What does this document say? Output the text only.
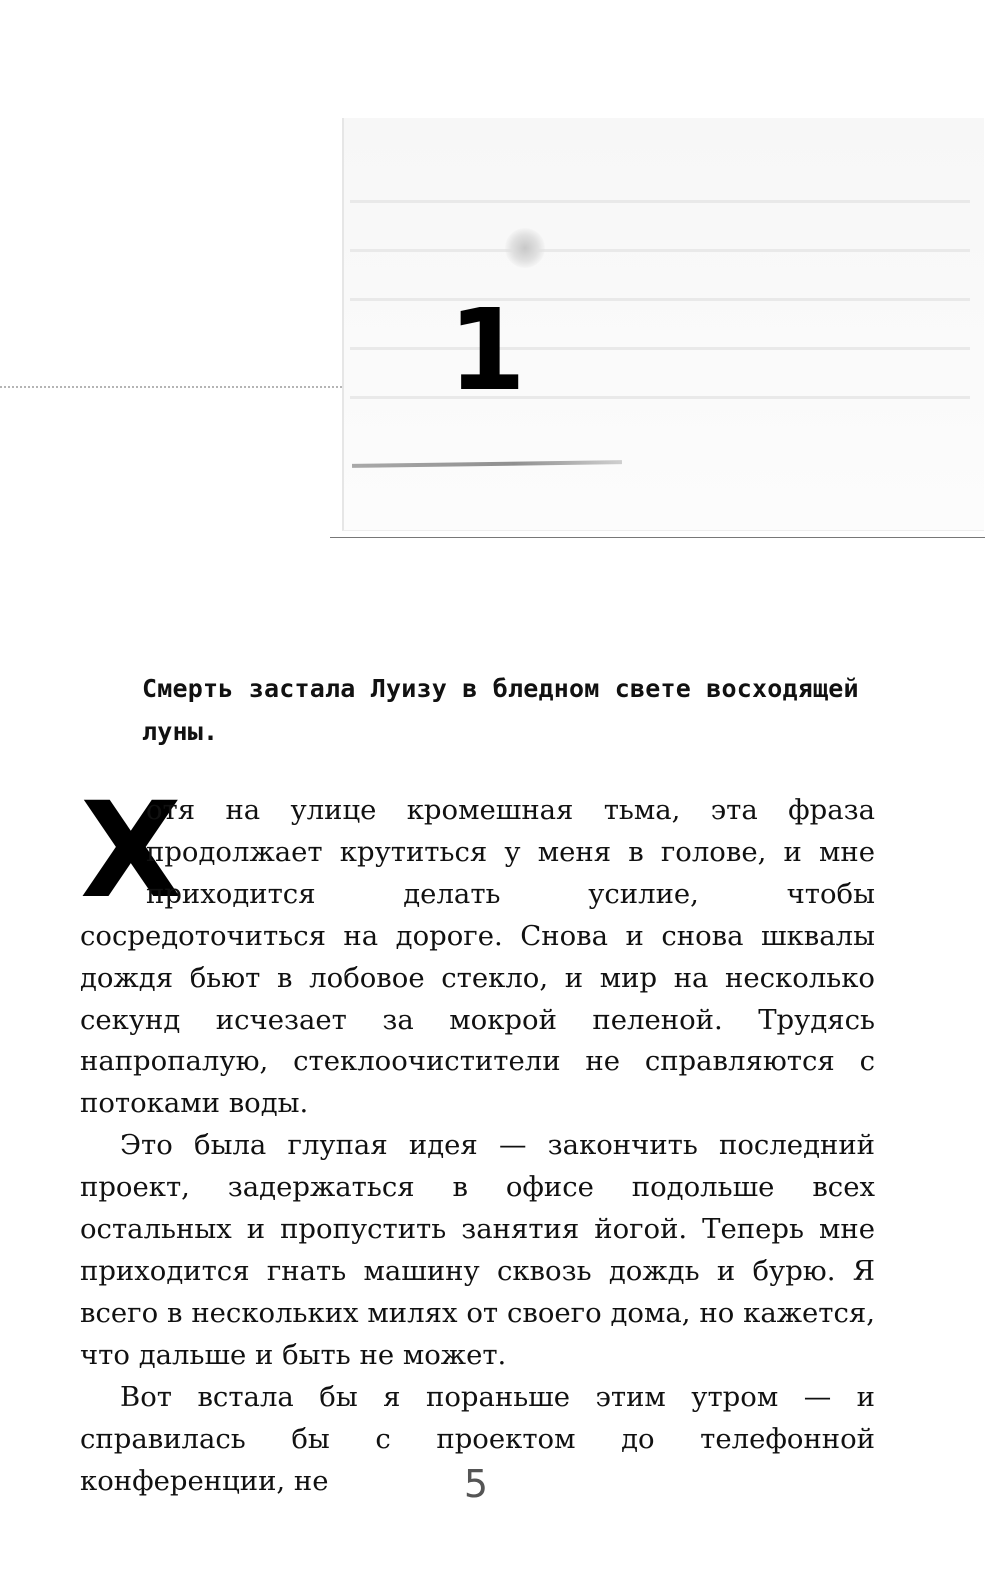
1
Смерть застала Луизу в бледном свете восходящей луны.

Х
отя на улице кромешная тьма, эта фраза продолжает крутиться у меня в голове, и мне приходится делать усилие, чтобы сосредоточиться на дороге. Снова и снова шквалы дождя бьют в лобовое стекло, и мир на несколько секунд исчезает за мокрой пеленой. Трудясь напропалую, стеклоочистители не справляются с потоками воды.

Это была глупая идея — закончить последний проект, задержаться в офисе подольше всех остальных и пропустить занятия йогой. Теперь мне приходится гнать машину сквозь дождь и бурю. Я всего в нескольких милях от своего дома, но кажется, что дальше и быть не может.

Вот встала бы я пораньше этим утром — и справилась бы с проектом до телефонной конференции, не	5
